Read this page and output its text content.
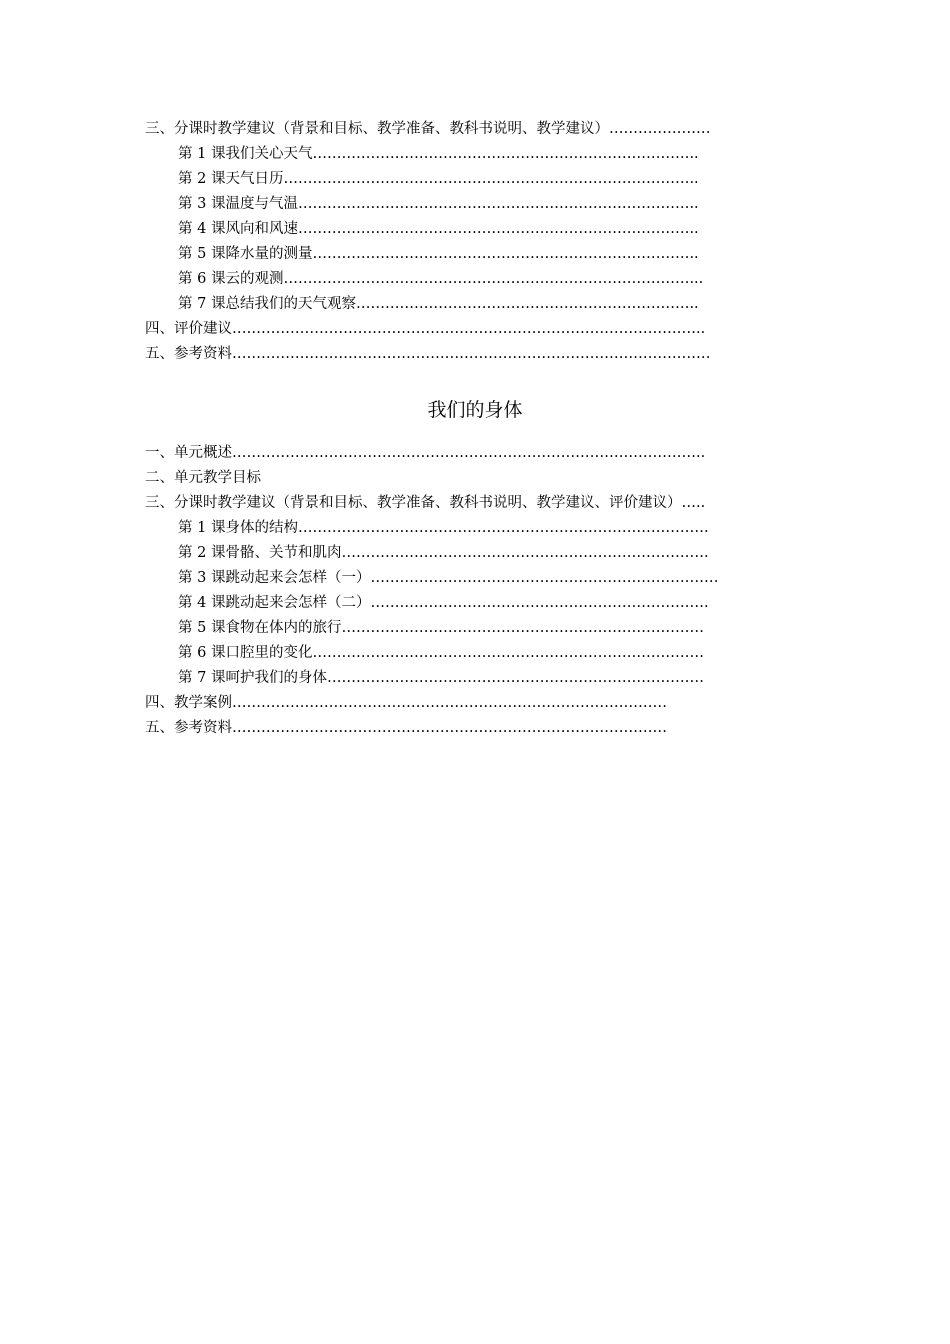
三、分课时教学建议（背景和目标、教学准备、教科书说明、教学建议）…………………
第 1 课我们关心天气……………………………………………………………………..
第 2 课天气日历…………………………………………………………………………..
第 3 课温度与气温………………………………………………………………………..
第 4 课风向和风速………………………………………………………………………..
第 5 课降水量的测量……………………………………………………………………..
第 6 课云的观测…………………………………………………………………………...
第 7 课总结我们的天气观察……………………………………………………………..
四、评价建议……………………………………………………………………………………..
五、参考资料………………………………………………………………………………………
我们的身体
一、单元概述……………………………………………………………………………………..
二、单元教学目标
三、分课时教学建议（背景和目标、教学准备、教科书说明、教学建议、评价建议）…..
第 1 课身体的结构………………………………………………………………………….
第 2 课骨骼、关节和肌肉………………………………………………………………….
第 3 课跳动起来会怎样（一）………………………………………………………………
第 4 课跳动起来会怎样（二）…………………………………………………………….
第 5 课食物在体内的旅行…………………………………………………………………
第 6 课口腔里的变化………………………………………………………………………
第 7 课呵护我们的身体……………………………………………………………………
四、教学案例………………………………………………………………………………
五、参考资料………………………………………………………………………………
